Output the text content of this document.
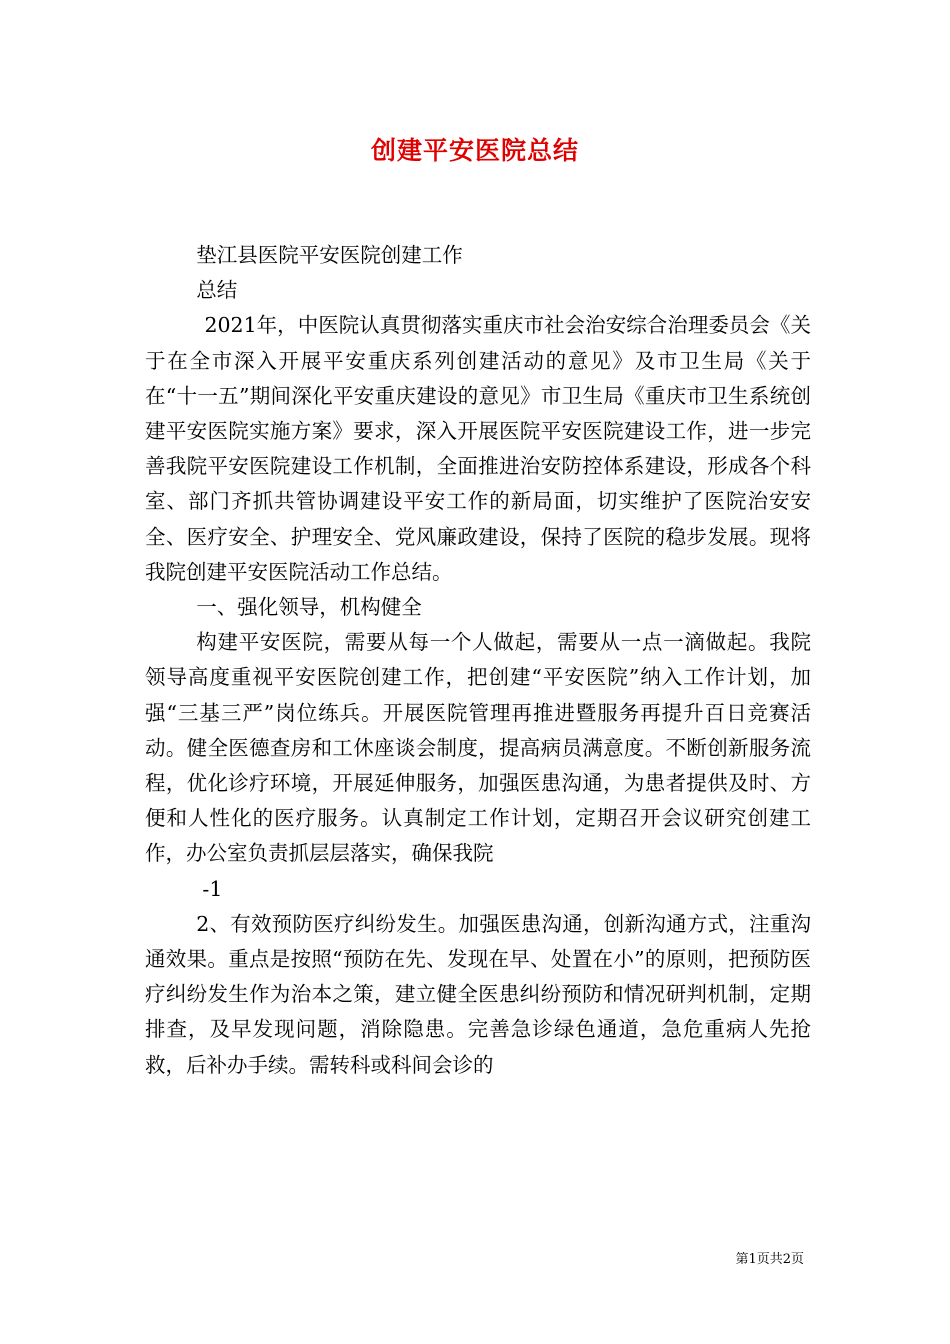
创建平安医院总结

垫江县医院平安医院创建工作

总结

2021年，中医院认真贯彻落实重庆市社会治安综合治理委员会《关于在全市深入开展平安重庆系列创建活动的意见》及市卫生局《关于在“十一五”期间深化平安重庆建设的意见》市卫生局《重庆市卫生系统创建平安医院实施方案》要求，深入开展医院平安医院建设工作，进一步完善我院平安医院建设工作机制，全面推进治安防控体系建设，形成各个科室、部门齐抓共管协调建设平安工作的新局面，切实维护了医院治安安全、医疗安全、护理安全、党风廉政建设，保持了医院的稳步发展。现将我院创建平安医院活动工作总结。

一、强化领导，机构健全

构建平安医院，需要从每一个人做起，需要从一点一滴做起。我院领导高度重视平安医院创建工作，把创建“平安医院”纳入工作计划，加强“三基三严”岗位练兵。开展医院管理再推进暨服务再提升百日竞赛活动。健全医德查房和工休座谈会制度，提高病员满意度。不断创新服务流程，优化诊疗环境，开展延伸服务，加强医患沟通，为患者提供及时、方便和人性化的医疗服务。认真制定工作计划，定期召开会议研究创建工作，办公室负责抓层层落实，确保我院

-1

2、有效预防医疗纠纷发生。加强医患沟通，创新沟通方式，注重沟通效果。重点是按照“预防在先、发现在早、处置在小”的原则，把预防医疗纠纷发生作为治本之策，建立健全医患纠纷预防和情况研判机制，定期排查，及早发现问题，消除隐患。完善急诊绿色通道，急危重病人先抢救，后补办手续。需转科或科间会诊的

第1页共2页
